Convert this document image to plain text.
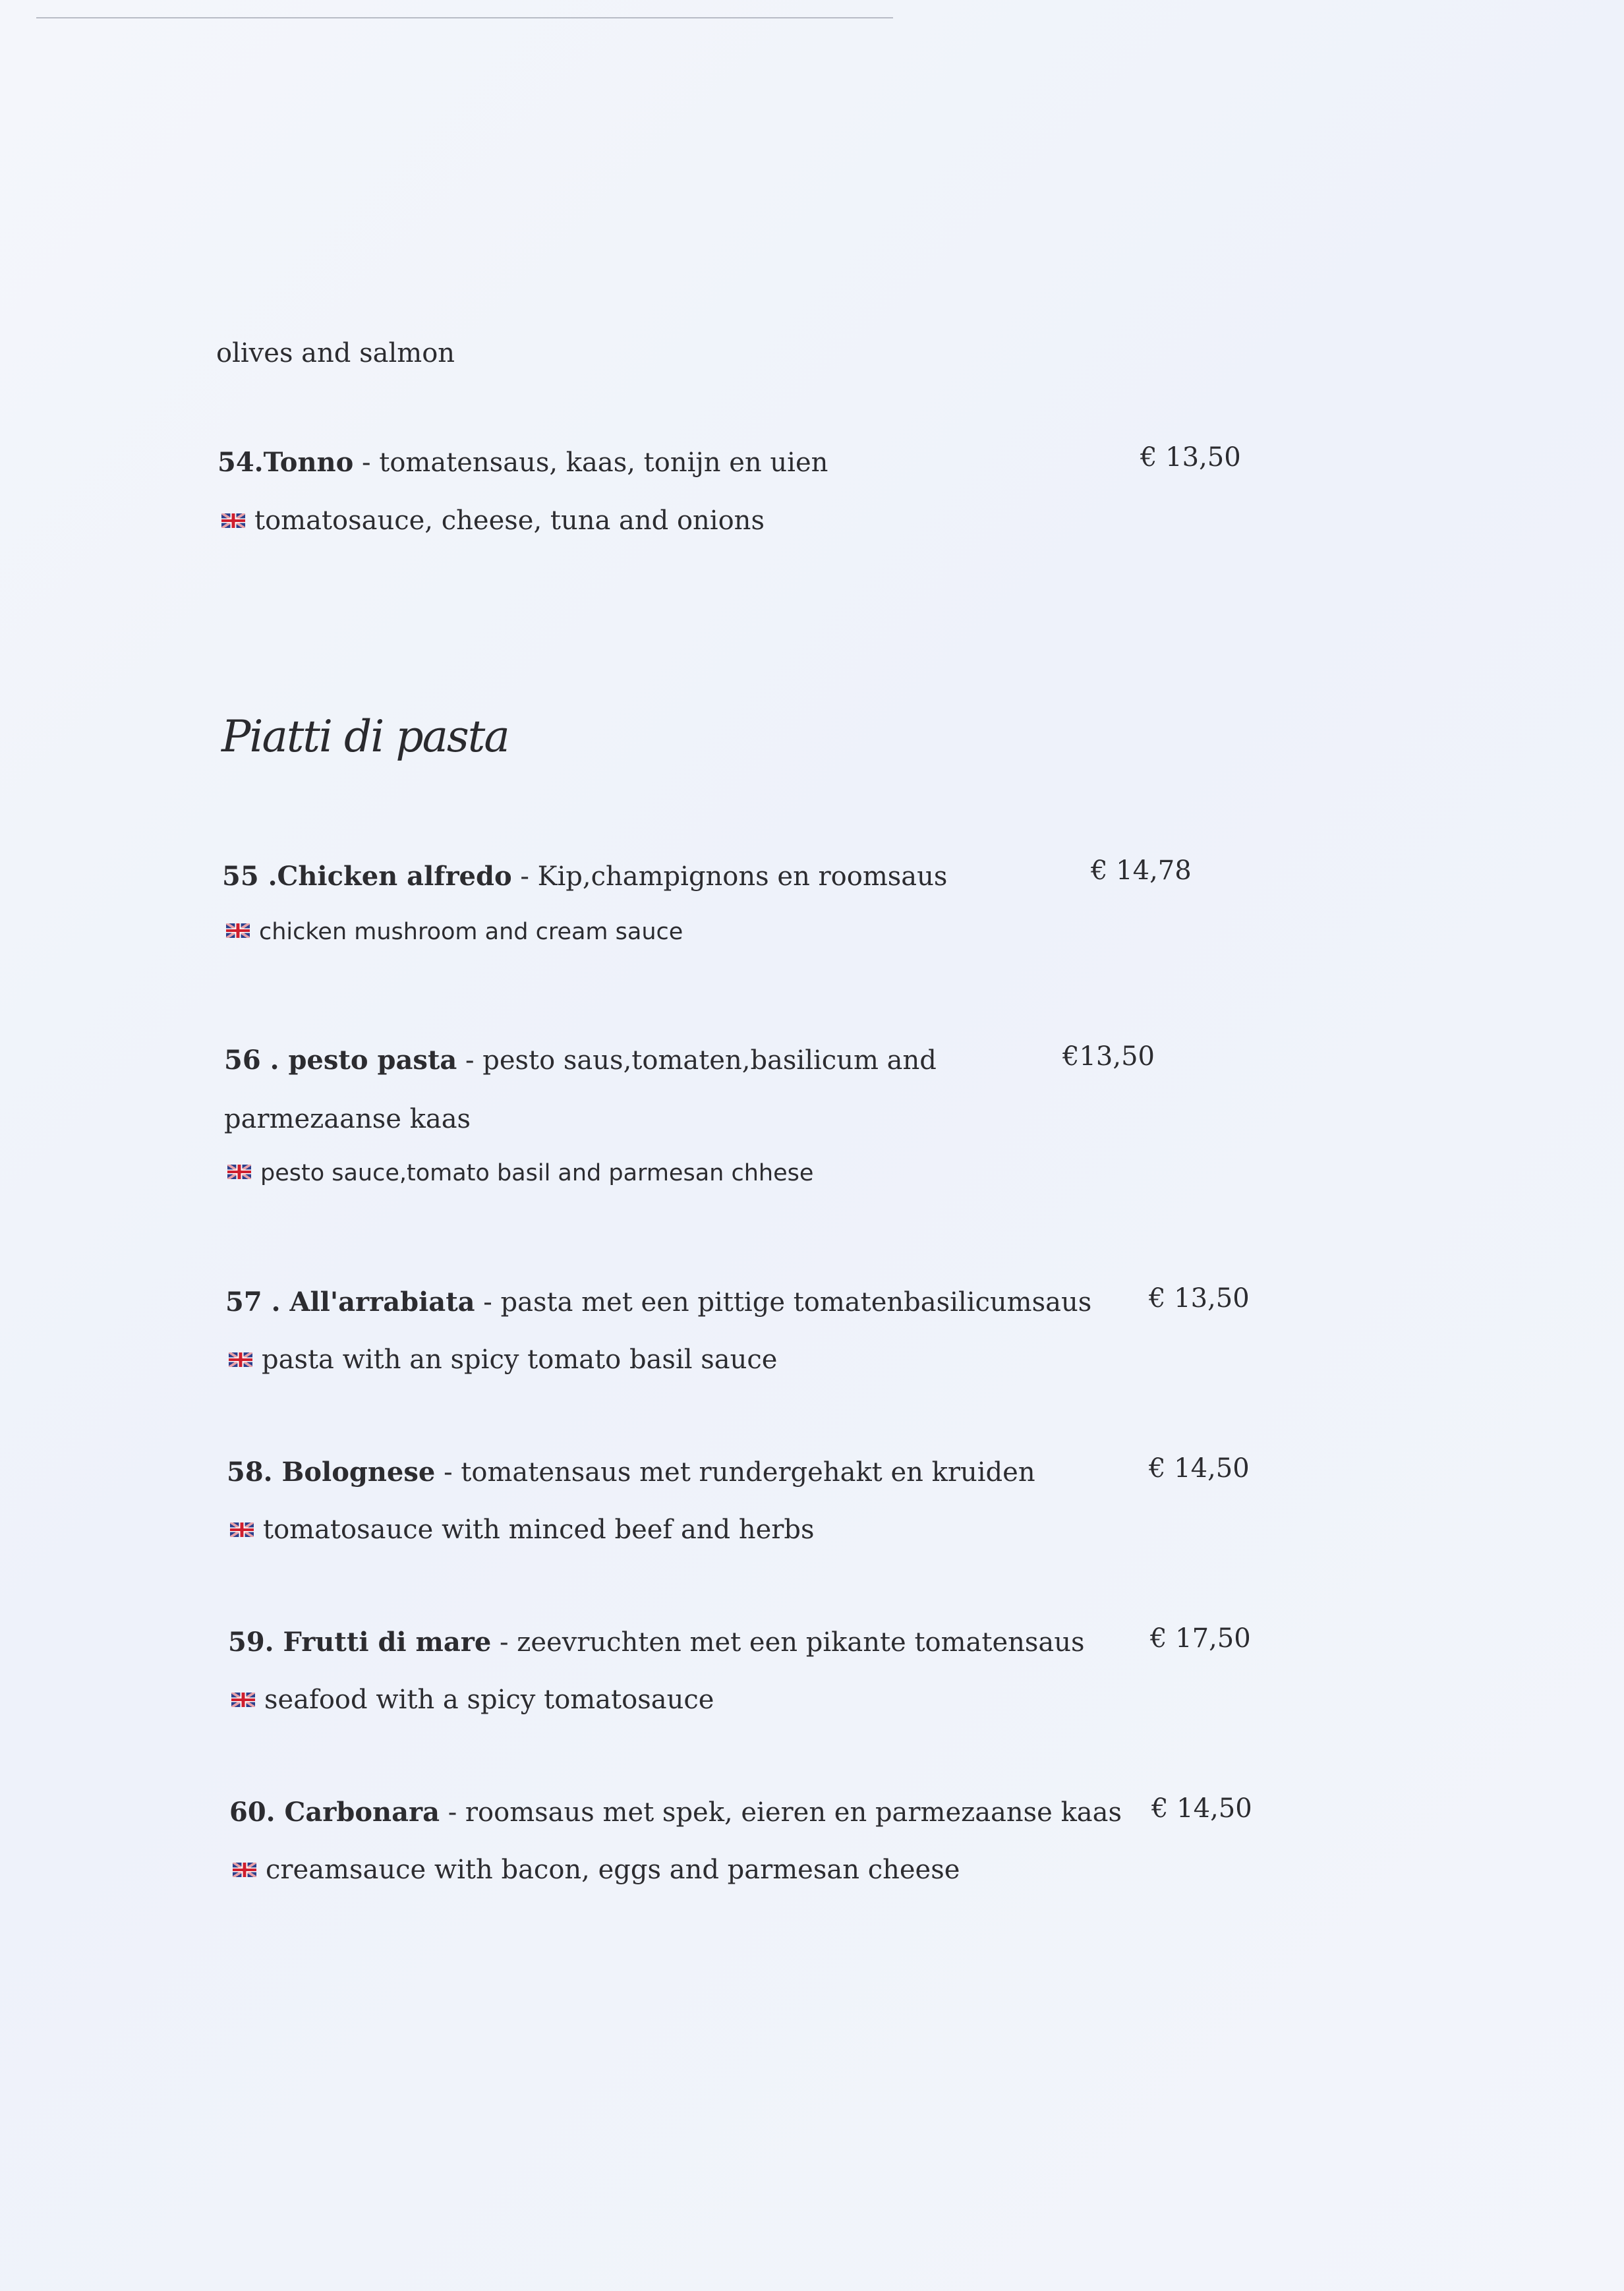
olives and salmon
54.Tonno - tomatensaus, kaas, tonijn en uien	€ 13,50
tomatosauce, cheese, tuna and onions
Piatti di pasta
55 .Chicken alfredo - Kip,champignons en roomsaus	€ 14,78
chicken mushroom and cream sauce
56 . pesto pasta - pesto saus,tomaten,basilicum and
parmezaanse kaas
€13,50
pesto sauce,tomato basil and parmesan chhese
57 . All'arrabiata - pasta met een pittige tomatenbasilicumsaus € 13,50
pasta with an spicy tomato basil sauce
58. Bolognese - tomatensaus met rundergehakt en kruiden	€ 14,50
tomatosauce with minced beef and herbs
59. Frutti di mare - zeevruchten met een pikante tomatensaus € 17,50
seafood with a spicy tomatosauce
60. Carbonara - roomsaus met spek, eieren en parmezaanse kaas € 14,50
creamsauce with bacon, eggs and parmesan cheese
